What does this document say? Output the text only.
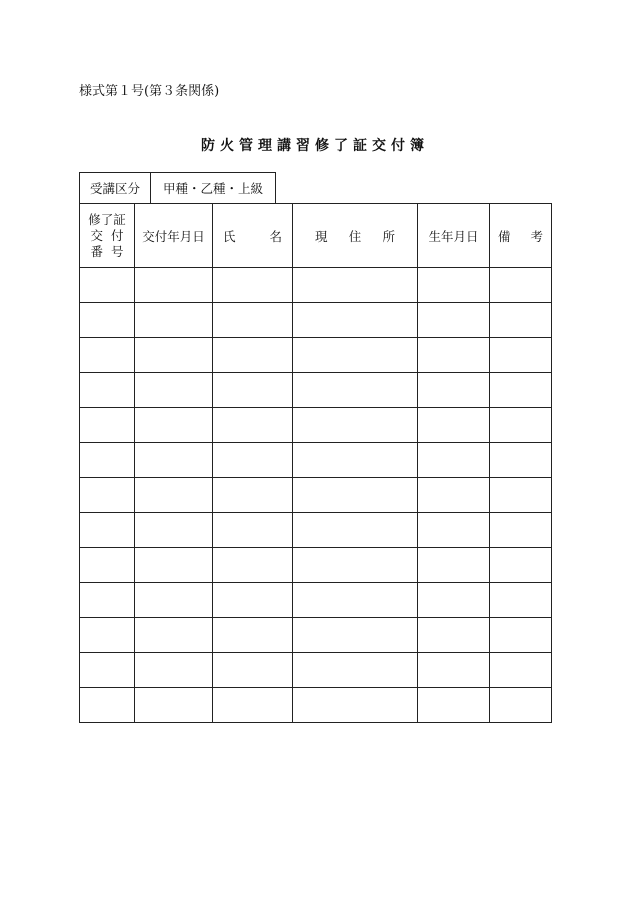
様式第１号(第３条関係)
防火管理講習修了証交付簿
受講区分	甲種・乙種・上級
修了証
交付
番号	交付年月日	氏 名	現 住 所	生年月日	備 考
